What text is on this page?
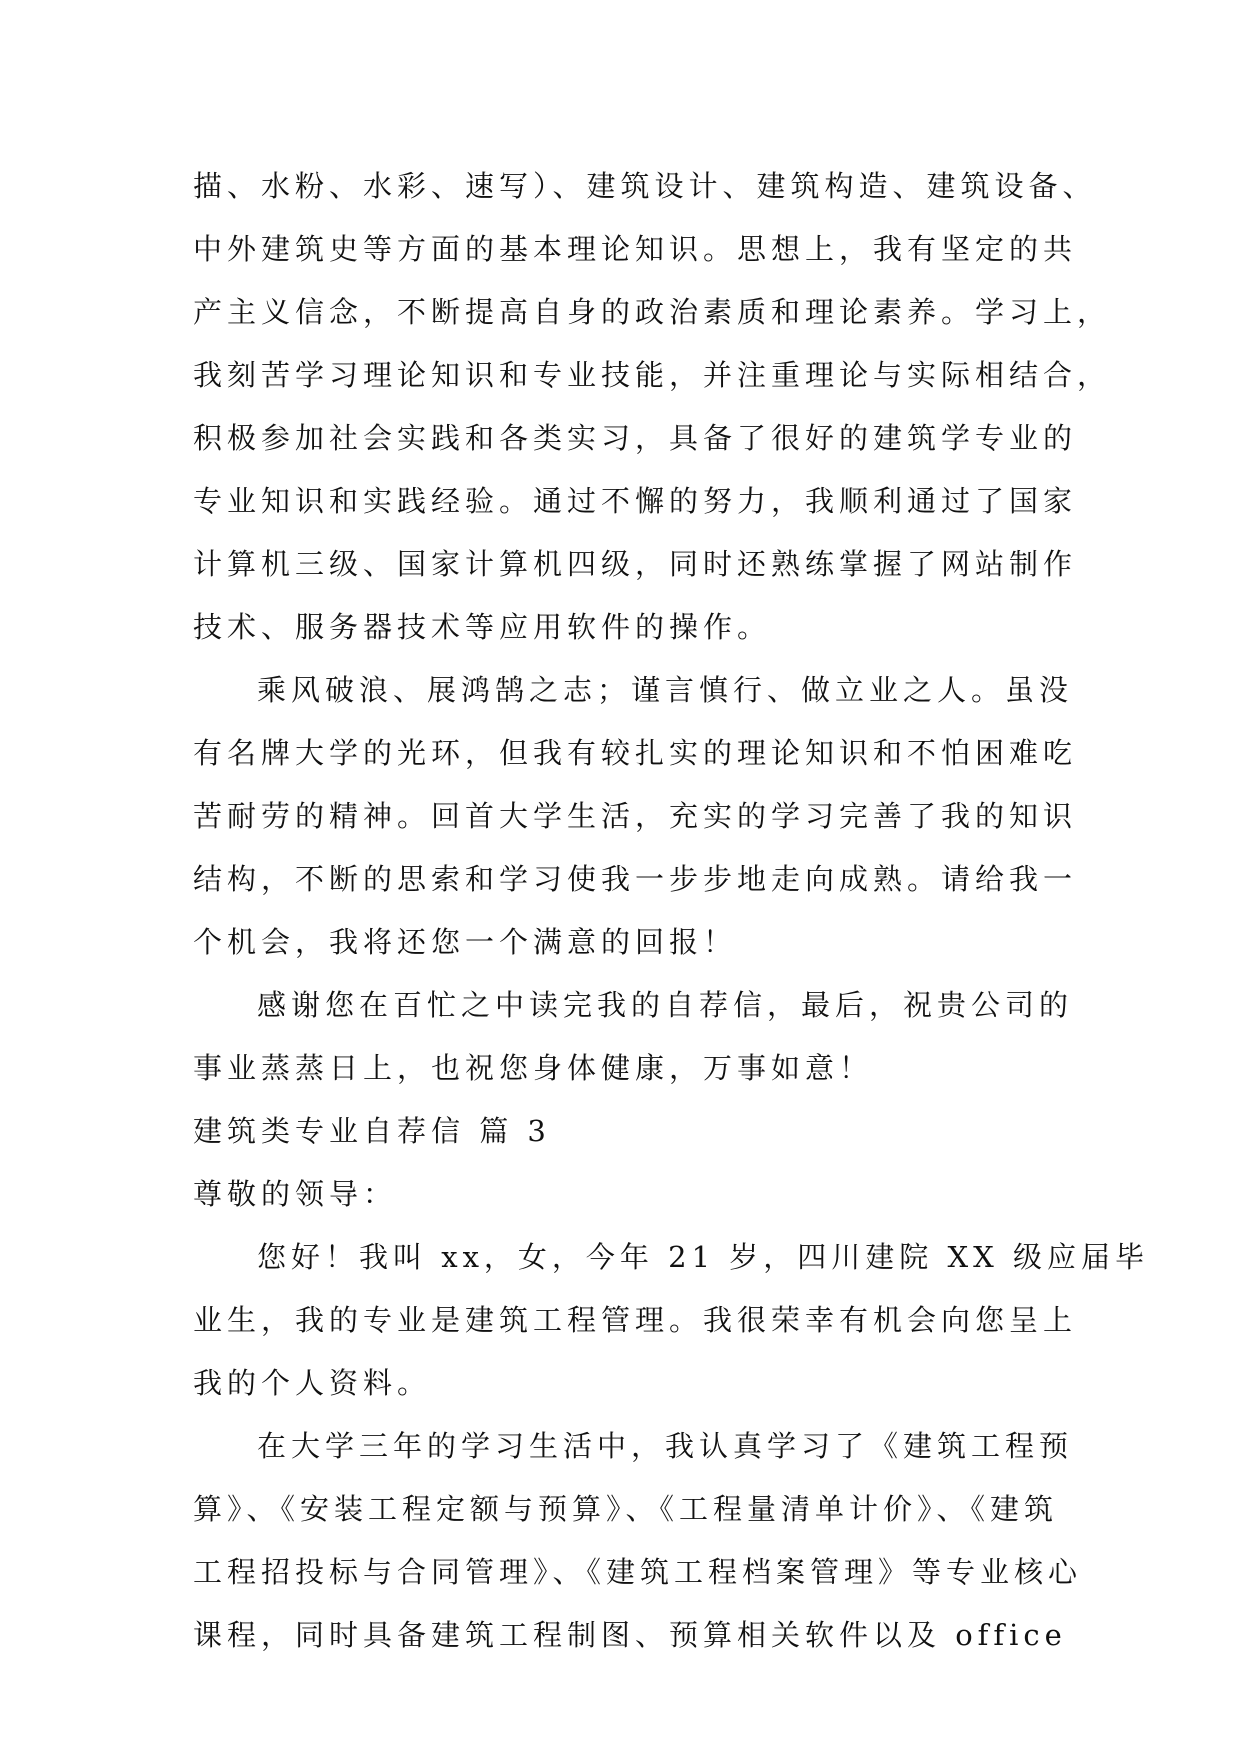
描、水粉、水彩、速写）、建筑设计、建筑构造、建筑设备、
中外建筑史等方面的基本理论知识。思想上，我有坚定的共
产主义信念，不断提高自身的政治素质和理论素养。学习上，
我刻苦学习理论知识和专业技能，并注重理论与实际相结合，
积极参加社会实践和各类实习，具备了很好的建筑学专业的
专业知识和实践经验。通过不懈的努力，我顺利通过了国家
计算机三级、国家计算机四级，同时还熟练掌握了网站制作
技术、服务器技术等应用软件的操作。
乘风破浪、展鸿鹄之志；谨言慎行、做立业之人。虽没
有名牌大学的光环，但我有较扎实的理论知识和不怕困难吃
苦耐劳的精神。回首大学生活，充实的学习完善了我的知识
结构，不断的思索和学习使我一步步地走向成熟。请给我一
个机会，我将还您一个满意的回报！
感谢您在百忙之中读完我的自荐信，最后，祝贵公司的
事业蒸蒸日上，也祝您身体健康，万事如意！
建筑类专业自荐信 篇 3
尊敬的领导：
您好！我叫 xx，女，今年 21 岁，四川建院 XX 级应届毕
业生，我的专业是建筑工程管理。我很荣幸有机会向您呈上
我的个人资料。
在大学三年的学习生活中，我认真学习了《建筑工程预
算》、《安装工程定额与预算》、《工程量清单计价》、《建筑
工程招投标与合同管理》、《建筑工程档案管理》等专业核心
课程，同时具备建筑工程制图、预算相关软件以及 office
